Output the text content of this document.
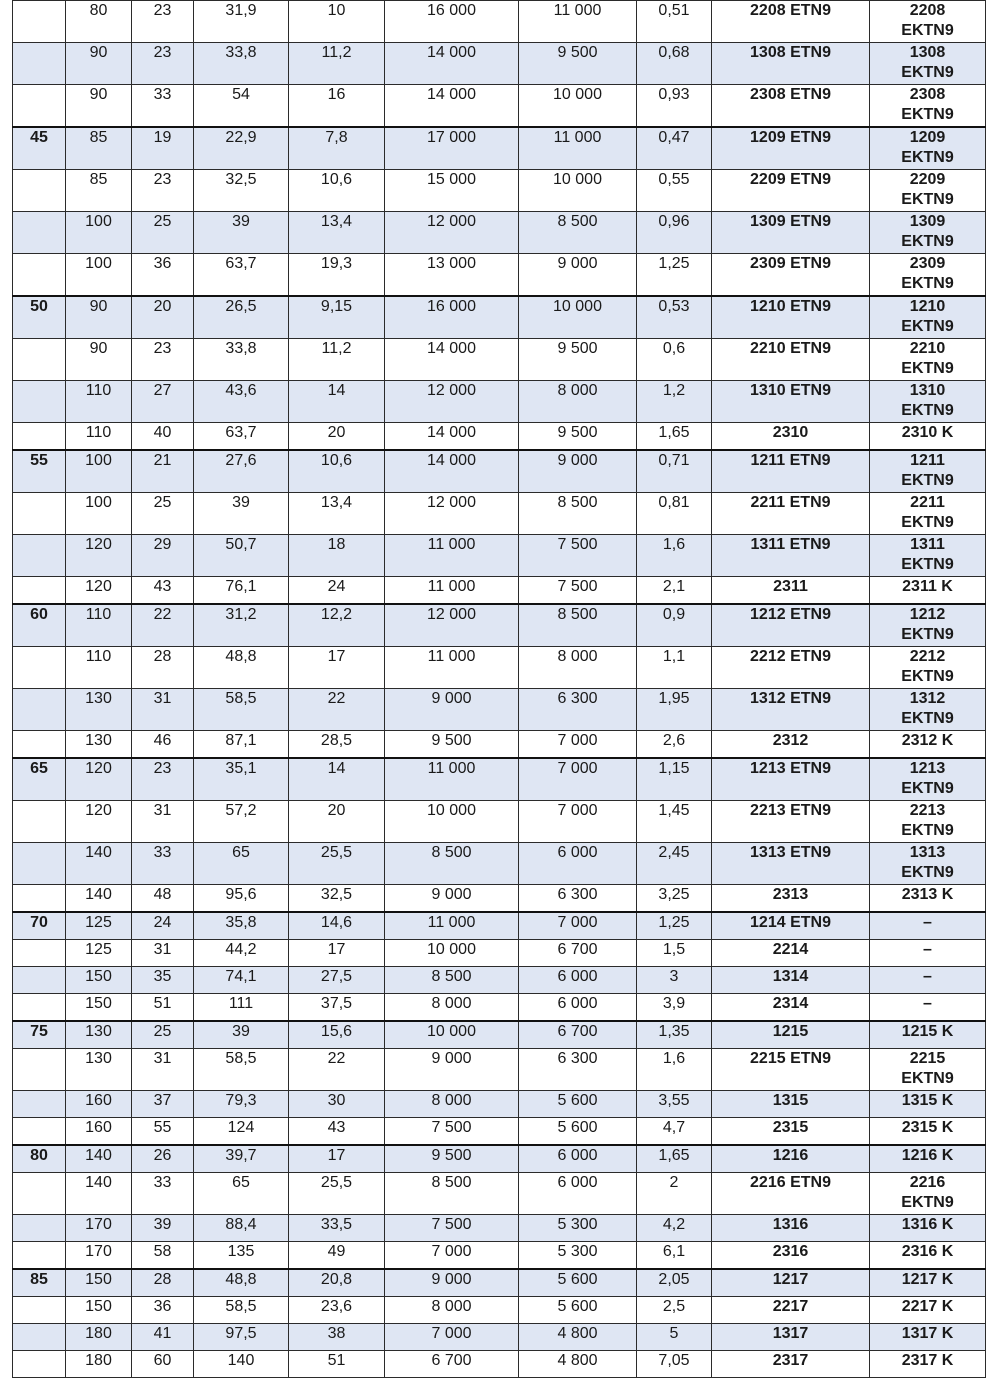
	80	23	31,9	10	16 000	11 000	0,51	2208 ETN9	2208
EKTN9
	90	23	33,8	11,2	14 000	9 500	0,68	1308 ETN9	1308
EKTN9
	90	33	54	16	14 000	10 000	0,93	2308 ETN9	2308
EKTN9
45	85	19	22,9	7,8	17 000	11 000	0,47	1209 ETN9	1209
EKTN9
	85	23	32,5	10,6	15 000	10 000	0,55	2209 ETN9	2209
EKTN9
	100	25	39	13,4	12 000	8 500	0,96	1309 ETN9	1309
EKTN9
	100	36	63,7	19,3	13 000	9 000	1,25	2309 ETN9	2309
EKTN9
50	90	20	26,5	9,15	16 000	10 000	0,53	1210 ETN9	1210
EKTN9
	90	23	33,8	11,2	14 000	9 500	0,6	2210 ETN9	2210
EKTN9
	110	27	43,6	14	12 000	8 000	1,2	1310 ETN9	1310
EKTN9
	110	40	63,7	20	14 000	9 500	1,65	2310	2310 K
55	100	21	27,6	10,6	14 000	9 000	0,71	1211 ETN9	1211
EKTN9
	100	25	39	13,4	12 000	8 500	0,81	2211 ETN9	2211
EKTN9
	120	29	50,7	18	11 000	7 500	1,6	1311 ETN9	1311
EKTN9
	120	43	76,1	24	11 000	7 500	2,1	2311	2311 K
60	110	22	31,2	12,2	12 000	8 500	0,9	1212 ETN9	1212
EKTN9
	110	28	48,8	17	11 000	8 000	1,1	2212 ETN9	2212
EKTN9
	130	31	58,5	22	9 000	6 300	1,95	1312 ETN9	1312
EKTN9
	130	46	87,1	28,5	9 500	7 000	2,6	2312	2312 K
65	120	23	35,1	14	11 000	7 000	1,15	1213 ETN9	1213
EKTN9
	120	31	57,2	20	10 000	7 000	1,45	2213 ETN9	2213
EKTN9
	140	33	65	25,5	8 500	6 000	2,45	1313 ETN9	1313
EKTN9
	140	48	95,6	32,5	9 000	6 300	3,25	2313	2313 K
70	125	24	35,8	14,6	11 000	7 000	1,25	1214 ETN9	–
	125	31	44,2	17	10 000	6 700	1,5	2214	–
	150	35	74,1	27,5	8 500	6 000	3	1314	–
	150	51	111	37,5	8 000	6 000	3,9	2314	–
75	130	25	39	15,6	10 000	6 700	1,35	1215	1215 K
	130	31	58,5	22	9 000	6 300	1,6	2215 ETN9	2215
EKTN9
	160	37	79,3	30	8 000	5 600	3,55	1315	1315 K
	160	55	124	43	7 500	5 600	4,7	2315	2315 K
80	140	26	39,7	17	9 500	6 000	1,65	1216	1216 K
	140	33	65	25,5	8 500	6 000	2	2216 ETN9	2216
EKTN9
	170	39	88,4	33,5	7 500	5 300	4,2	1316	1316 K
	170	58	135	49	7 000	5 300	6,1	2316	2316 K
85	150	28	48,8	20,8	9 000	5 600	2,05	1217	1217 K
	150	36	58,5	23,6	8 000	5 600	2,5	2217	2217 K
	180	41	97,5	38	7 000	4 800	5	1317	1317 K
	180	60	140	51	6 700	4 800	7,05	2317	2317 K
